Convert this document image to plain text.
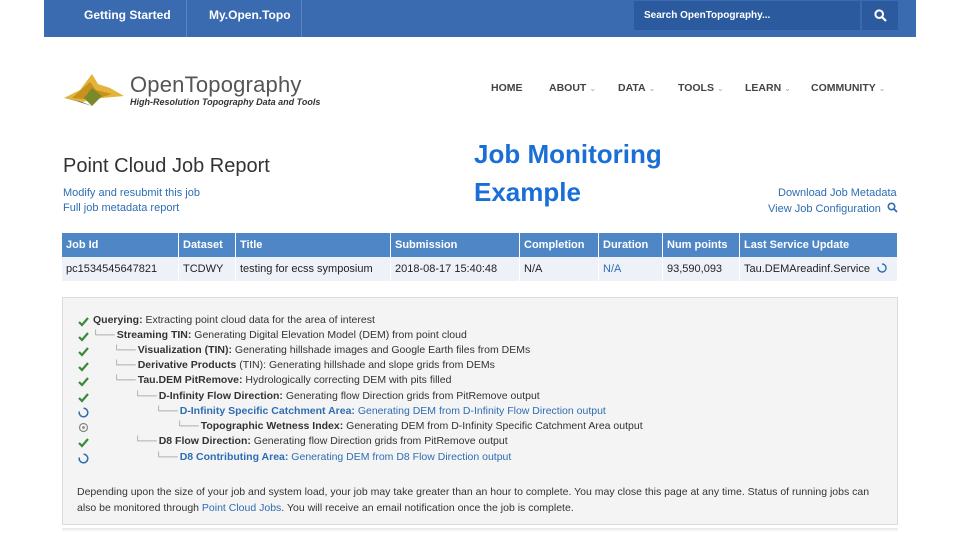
Getting Started	My.Open.Topo	Search OpenTopography...
OpenTopography
High-Resolution Topography Data and Tools
HOME	ABOUT ⌄ DATA ⌄ TOOLS ⌄ LEARN ⌄ COMMUNITY ⌄
Point Cloud Job Report	Job Monitoring Example
Modify and resubmit this job
Full job metadata report
Download Job Metadata
View Job Configuration
Job Id	Dataset	Title	Submission	Completion	Duration	Num points	Last Service Update
pc1534545647821	TCDWY	testing for ecss symposium	2018-08-17 15:40:48	N/A	N/A	93,590,093	Tau.DEMAreadinf.Service
Depending upon the size of your job and system load, your job may take greater than an hour to complete. You may close this page at any time. Status of running jobs can also be monitored through Point Cloud Jobs. You will receive an email notification once the job is complete.
Querying: Extracting point cloud data for the area of interest
└─── Streaming TIN: Generating Digital Elevation Model (DEM) from point cloud
└─── Visualization (TIN): Generating hillshade images and Google Earth files from DEMs
└─── Derivative Products (TIN): Generating hillshade and slope grids from DEMs
└─── Tau.DEM PitRemove: Hydrologically correcting DEM with pits filled
└─── D-Infinity Flow Direction: Generating flow Direction grids from PitRemove output
└─── D-Infinity Specific Catchment Area: Generating DEM from D-Infinity Flow Direction output
└─── Topographic Wetness Index: Generating DEM from D-Infinity Specific Catchment Area output
└─── D8 Flow Direction: Generating flow Direction grids from PitRemove output
└─── D8 Contributing Area: Generating DEM from D8 Flow Direction output
